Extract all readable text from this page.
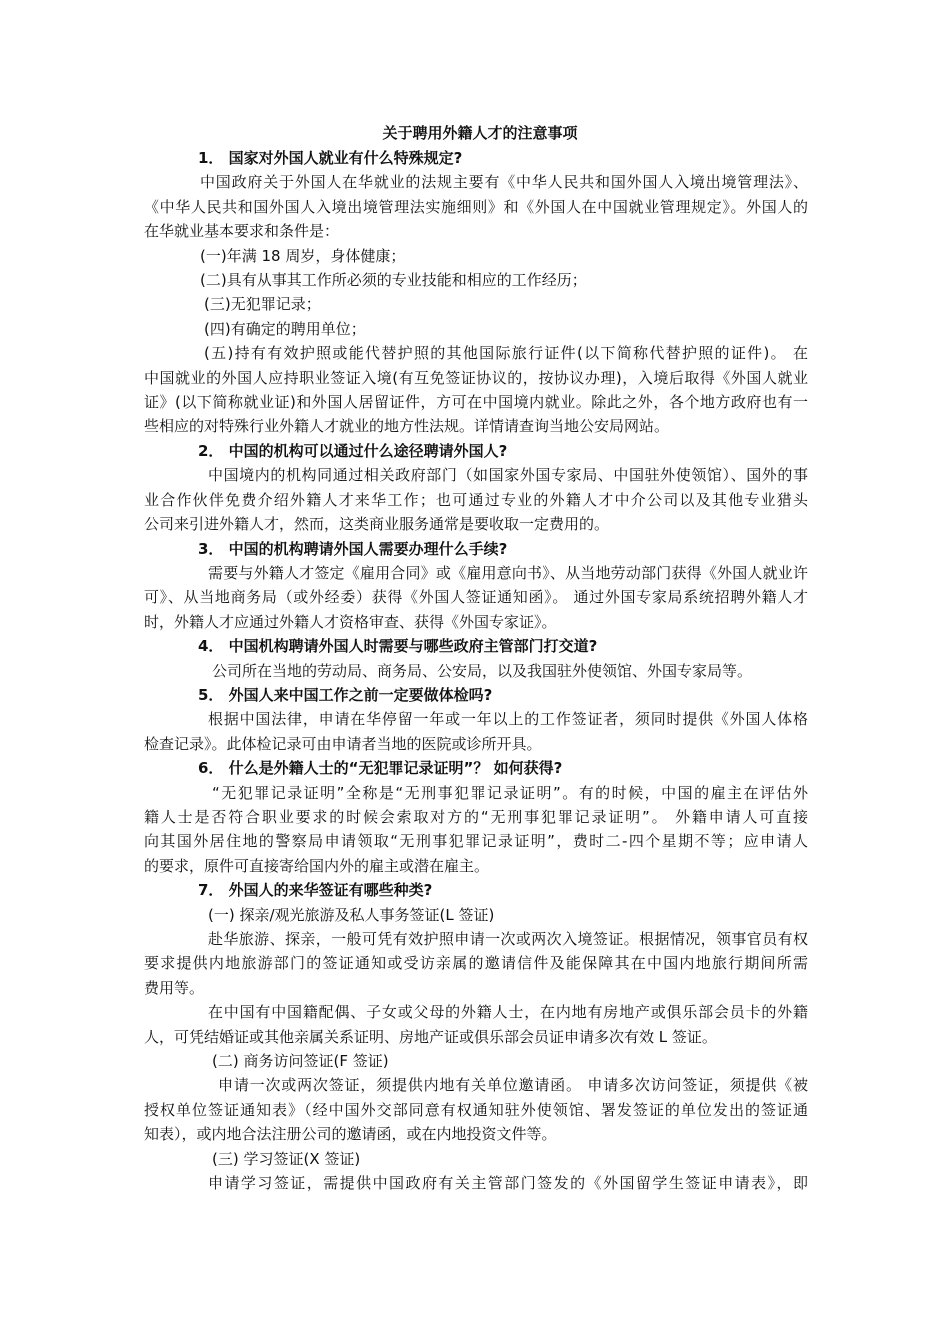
关于聘用外籍人才的注意事项
1． 国家对外国人就业有什么特殊规定?
中国政府关于外国人在华就业的法规主要有《中华人民共和国外国人入境出境管理法》、
《中华人民共和国外国人入境出境管理法实施细则》和《外国人在中国就业管理规定》。外国人的
在华就业基本要求和条件是：
(一)年满 18 周岁，身体健康；
(二)具有从事其工作所必须的专业技能和相应的工作经历；
(三)无犯罪记录；
(四)有确定的聘用单位；
(五)持有有效护照或能代替护照的其他国际旅行证件(以下简称代替护照的证件)。 在
中国就业的外国人应持职业签证入境(有互免签证协议的，按协议办理)，入境后取得《外国人就业
证》(以下简称就业证)和外国人居留证件，方可在中国境内就业。除此之外，各个地方政府也有一
些相应的对特殊行业外籍人才就业的地方性法规。详情请查询当地公安局网站。
2． 中国的机构可以通过什么途径聘请外国人?
中国境内的机构同通过相关政府部门（如国家外国专家局、中国驻外使领馆）、国外的事
业合作伙伴免费介绍外籍人才来华工作；也可通过专业的外籍人才中介公司以及其他专业猎头
公司来引进外籍人才，然而，这类商业服务通常是要收取一定费用的。
3． 中国的机构聘请外国人需要办理什么手续?
需要与外籍人才签定《雇用合同》或《雇用意向书》、从当地劳动部门获得《外国人就业许
可》、从当地商务局（或外经委）获得《外国人签证通知函》。 通过外国专家局系统招聘外籍人才
时，外籍人才应通过外籍人才资格审查、获得《外国专家证》。
4． 中国机构聘请外国人时需要与哪些政府主管部门打交道?
公司所在当地的劳动局、商务局、公安局，以及我国驻外使领馆、外国专家局等。
5． 外国人来中国工作之前一定要做体检吗?
根据中国法律，申请在华停留一年或一年以上的工作签证者，须同时提供《外国人体格
检查记录》。此体检记录可由申请者当地的医院或诊所开具。
6． 什么是外籍人士的“无犯罪记录证明”？ 如何获得?
“无犯罪记录证明”全称是“无刑事犯罪记录证明”。有的时候，中国的雇主在评估外
籍人士是否符合职业要求的时候会索取对方的“无刑事犯罪记录证明”。 外籍申请人可直接
向其国外居住地的警察局申请领取“无刑事犯罪记录证明”，费时二-四个星期不等；应申请人
的要求，原件可直接寄给国内外的雇主或潜在雇主。
7． 外国人的来华签证有哪些种类?
(一) 探亲/观光旅游及私人事务签证(L 签证)
赴华旅游、探亲，一般可凭有效护照申请一次或两次入境签证。根据情况，领事官员有权
要求提供内地旅游部门的签证通知或受访亲属的邀请信件及能保障其在中国内地旅行期间所需
费用等。
在中国有中国籍配偶、子女或父母的外籍人士，在内地有房地产或俱乐部会员卡的外籍
人，可凭结婚证或其他亲属关系证明、房地产证或俱乐部会员证申请多次有效 L 签证。
(二) 商务访问签证(F 签证)
申请一次或两次签证，须提供内地有关单位邀请函。 申请多次访问签证，须提供《被
授权单位签证通知表》（经中国外交部同意有权通知驻外使领馆、署发签证的单位发出的签证通
知表），或内地合法注册公司的邀请函，或在内地投资文件等。
(三) 学习签证(X 签证)
申请学习签证，需提供中国政府有关主管部门签发的《外国留学生签证申请表》，即
